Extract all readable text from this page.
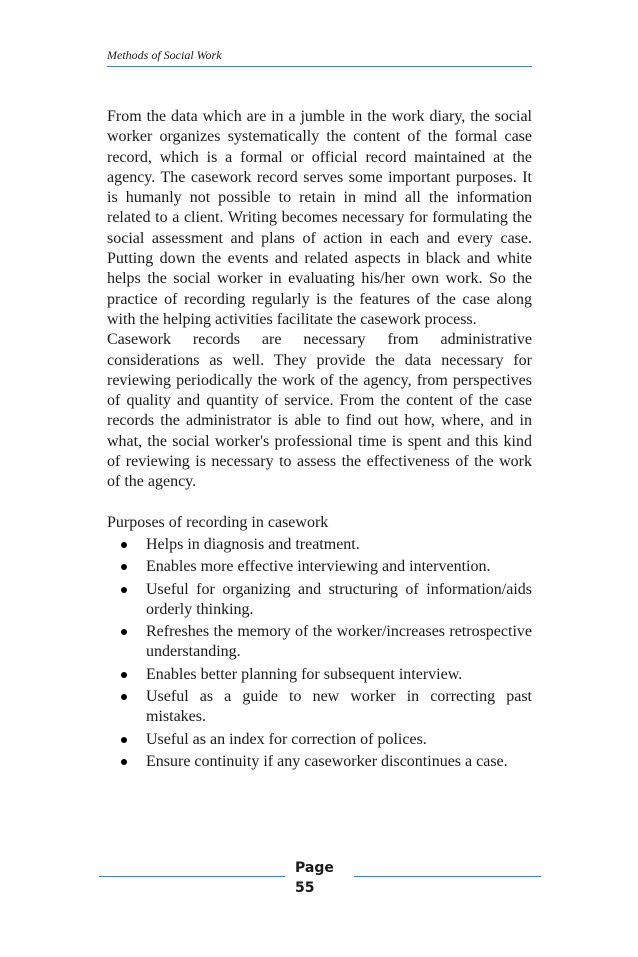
Methods of Social Work

From the data which are in a jumble in the work diary, the social worker organizes systematically the content of the formal case record, which is a formal or official record maintained at the agency. The casework record serves some important purposes. It is humanly not possible to retain in mind all the information related to a client. Writing becomes necessary for formulating the social assessment and plans of action in each and every case. Putting down the events and related aspects in black and white helps the social worker in evaluating his/her own work. So the practice of recording regularly is the features of the case along with the helping activities facilitate the casework process.

Casework records are necessary from administrative considerations as well. They provide the data necessary for reviewing periodically the work of the agency, from perspectives of quality and quantity of service. From the content of the case records the administrator is able to find out how, where, and in what, the social worker's professional time is spent and this kind of reviewing is necessary to assess the effectiveness of the work of the agency.

Purposes of recording in casework

Helps in diagnosis and treatment.
Enables more effective interviewing and intervention.
Useful for organizing and structuring of information/aids orderly thinking.
Refreshes the memory of the worker/increases retrospective understanding.
Enables better planning for subsequent interview.
Useful as a guide to new worker in correcting past mistakes.
Useful as an index for correction of polices.
Ensure continuity if any caseworker discontinues a case.
Page
55
